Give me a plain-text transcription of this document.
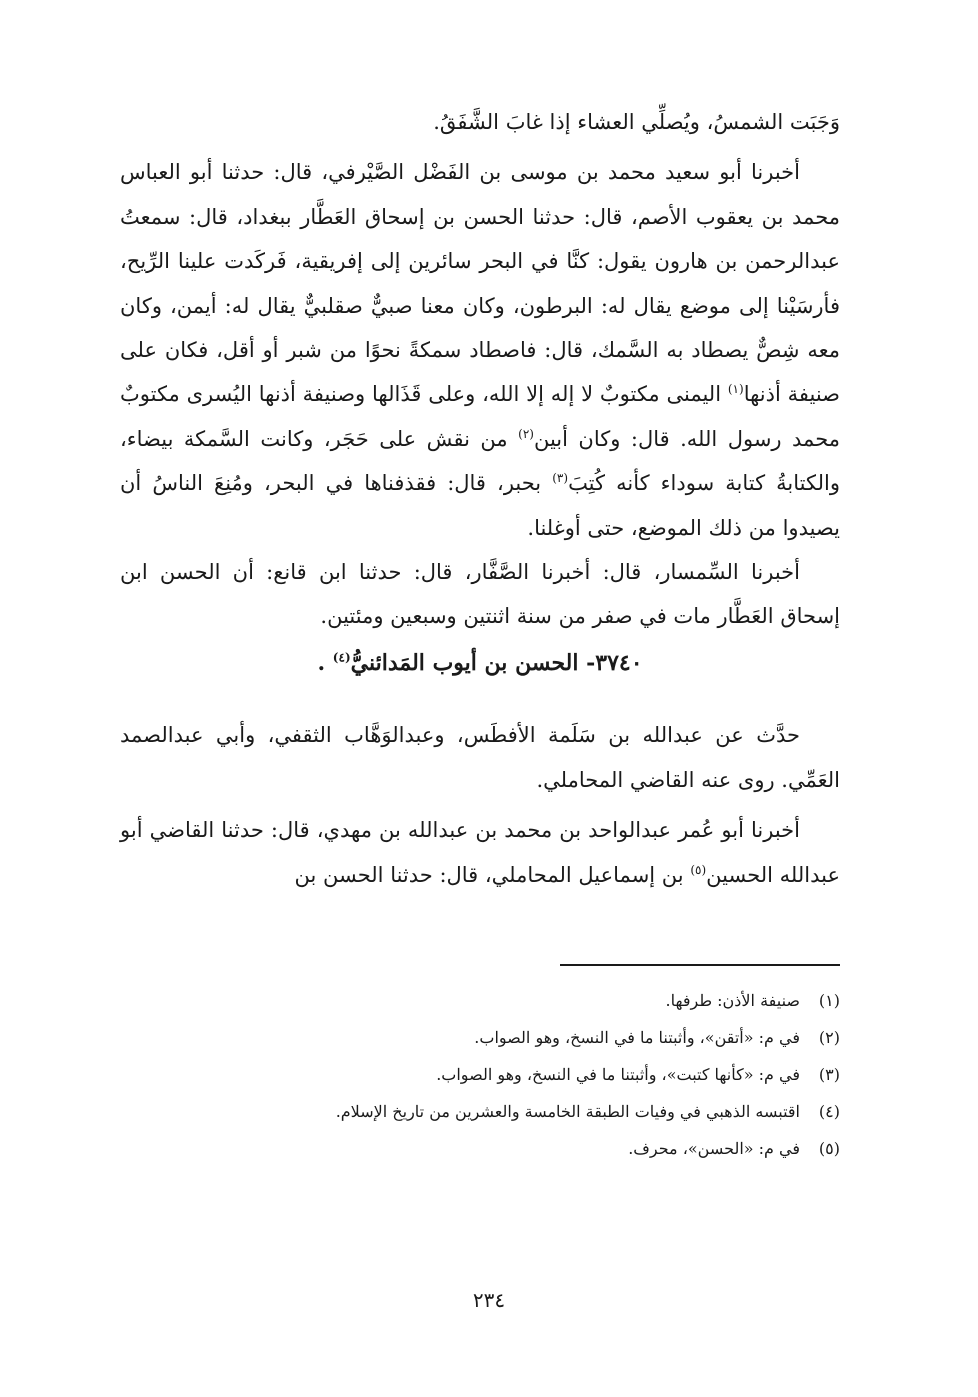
وَجَبَت الشمسُ، ويُصلِّي العشاء إذا غابَ الشَّفَقُ.

أخبرنا أبو سعيد محمد بن موسى بن الفَضْل الصَّيْرفي، قال: حدثنا أبو العباس محمد بن يعقوب الأصم، قال: حدثنا الحسن بن إسحاق العَطَّار ببغداد، قال: سمعتُ عبدالرحمن بن هارون يقول: كنَّا في البحر سائرين إلى إفريقية، فَركَدت علينا الرِّيح، فأرسَيْنا إلى موضع يقال له: البرطون، وكان معنا صبيٌّ صقلبيٌّ يقال له: أيمن، وكان معه شِصٌّ يصطاد به السَّمك، قال: فاصطاد سمكةً نحوًا من شبر أو أقل، فكان على صنيفة أذنها$^{(١)}$ اليمنى مكتوبٌ لا إله إلا الله، وعلى قَذَالها وصنيفة أذنها اليُسرى مكتوبٌ محمد رسول الله. قال: وكان أبين$^{(٢)}$ من نقش على حَجَر، وكانت السَّمكة بيضاء، والكتابةُ كتابة سوداء كأنه كُتِبَ$^{(٣)}$ بحبر، قال: فقذفناها في البحر، ومُنِعَ الناسُ أن يصيدوا من ذلك الموضع، حتى أوغلنا.

أخبرنا السِّمسار، قال: أخبرنا الصَّفَّار، قال: حدثنا ابن قانع: أن الحسن ابن إسحاق العَطَّار مات في صفر من سنة اثنتين وسبعين ومئتين.

٣٧٤٠- الحسن بن أيوب المَدائنيُّ$^{(٤)}$ .

حدَّث عن عبدالله بن سَلَمة الأفطَس، وعبدالوَهَّاب الثقفي، وأبي عبدالصمد العَمِّي. روى عنه القاضي المحاملي.

أخبرنا أبو عُمر عبدالواحد بن محمد بن عبدالله بن مهدي، قال: حدثنا القاضي أبو عبدالله الحسين$^{(٥)}$ بن إسماعيل المحاملي، قال: حدثنا الحسن بن

(١)صنيفة الأذن: طرفها.
(٢)في م: «أتقن»، وأثبتنا ما في النسخ، وهو الصواب.
(٣)في م: «كأنها كتبت»، وأثبتنا ما في النسخ، وهو الصواب.
(٤)اقتبسه الذهبي في وفيات الطبقة الخامسة والعشرين من تاريخ الإسلام.
(٥)في م: «الحسن»، محرف.
٢٣٤
